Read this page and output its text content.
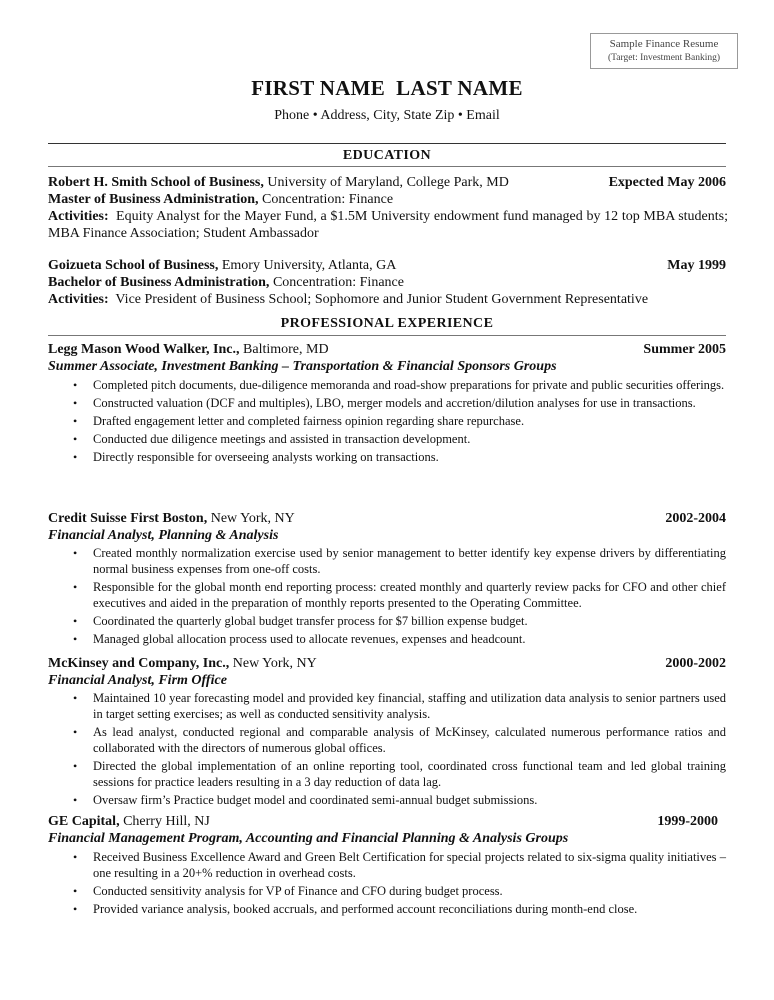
Sample Finance Resume
(Target: Investment Banking)
FIRST NAME  LAST NAME
Phone • Address, City, State Zip • Email
EDUCATION
Robert H. Smith School of Business, University of Maryland, College Park, MD	Expected May 2006
Master of Business Administration, Concentration: Finance
Activities:  Equity Analyst for the Mayer Fund, a $1.5M University endowment fund managed by 12 top MBA students; MBA Finance Association; Student Ambassador
Goizueta School of Business, Emory University, Atlanta, GA	May 1999
Bachelor of Business Administration, Concentration: Finance
Activities:  Vice President of Business School; Sophomore and Junior Student Government Representative
PROFESSIONAL EXPERIENCE
Legg Mason Wood Walker, Inc., Baltimore, MD	Summer 2005
Summer Associate, Investment Banking – Transportation & Financial Sponsors Groups
• Completed pitch documents, due-diligence memoranda and road-show preparations for private and public securities offerings.
• Constructed valuation (DCF and multiples), LBO, merger models and accretion/dilution analyses for use in transactions.
• Drafted engagement letter and completed fairness opinion regarding share repurchase.
• Conducted due diligence meetings and assisted in transaction development.
• Directly responsible for overseeing analysts working on transactions.
Credit Suisse First Boston, New York, NY	2002-2004
Financial Analyst, Planning & Analysis
• Created monthly normalization exercise used by senior management to better identify key expense drivers by differentiating normal business expenses from one-off costs.
• Responsible for the global month end reporting process: created monthly and quarterly review packs for CFO and other chief executives and aided in the preparation of monthly reports presented to the Operating Committee.
• Coordinated the quarterly global budget transfer process for $7 billion expense budget.
• Managed global allocation process used to allocate revenues, expenses and headcount.
McKinsey and Company, Inc., New York, NY	2000-2002
Financial Analyst, Firm Office
• Maintained 10 year forecasting model and provided key financial, staffing and utilization data analysis to senior partners used in target setting exercises; as well as conducted sensitivity analysis.
• As lead analyst, conducted regional and comparable analysis of McKinsey, calculated numerous performance ratios and collaborated with the directors of numerous global offices.
• Directed the global implementation of an online reporting tool, coordinated cross functional team and led global training sessions for practice leaders resulting in a 3 day reduction of data lag.
• Oversaw firm’s Practice budget model and coordinated semi-annual budget submissions.
GE Capital, Cherry Hill, NJ	1999-2000
Financial Management Program, Accounting and Financial Planning & Analysis Groups
• Received Business Excellence Award and Green Belt Certification for special projects related to six-sigma quality initiatives – one resulting in a 20+% reduction in overhead costs.
• Conducted sensitivity analysis for VP of Finance and CFO during budget process.
• Provided variance analysis, booked accruals, and performed account reconciliations during month-end close.
